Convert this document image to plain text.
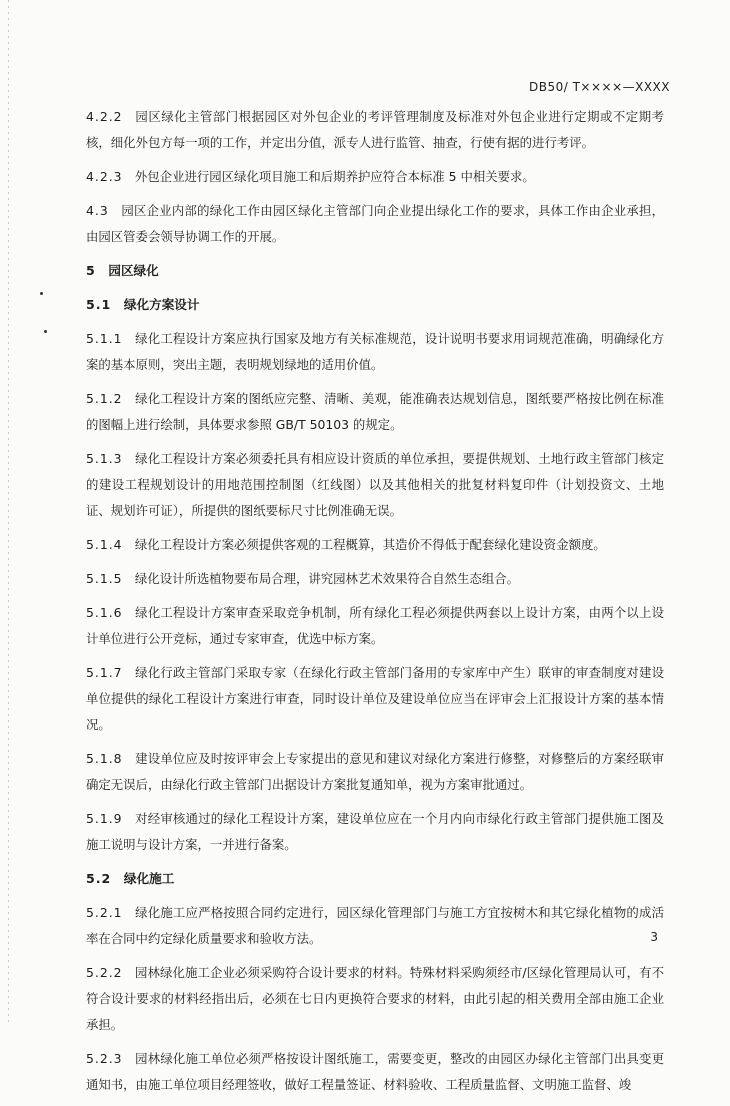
DB50/ T××××—XXXX
4.2.2  园区绿化主管部门根据园区对外包企业的考评管理制度及标准对外包企业进行定期或不定期考核，细化外包方每一项的工作，并定出分值，派专人进行监管、抽查，行使有据的进行考评。
4.2.3  外包企业进行园区绿化项目施工和后期养护应符合本标准 5 中相关要求。
4.3  园区企业内部的绿化工作由园区绿化主管部门向企业提出绿化工作的要求，具体工作由企业承担，由园区管委会领导协调工作的开展。
5  园区绿化
5.1  绿化方案设计
5.1.1  绿化工程设计方案应执行国家及地方有关标准规范，设计说明书要求用词规范准确，明确绿化方案的基本原则，突出主题，表明规划绿地的适用价值。
5.1.2  绿化工程设计方案的图纸应完整、清晰、美观，能准确表达规划信息，图纸要严格按比例在标准的图幅上进行绘制，具体要求参照 GB/T 50103 的规定。
5.1.3  绿化工程设计方案必须委托具有相应设计资质的单位承担，要提供规划、土地行政主管部门核定的建设工程规划设计的用地范围控制图（红线图）以及其他相关的批复材料复印件（计划投资文、土地证、规划许可证），所提供的图纸要标尺寸比例准确无误。
5.1.4  绿化工程设计方案必须提供客观的工程概算，其造价不得低于配套绿化建设资金额度。
5.1.5  绿化设计所选植物要布局合理，讲究园林艺术效果符合自然生态组合。
5.1.6  绿化工程设计方案审查采取竞争机制，所有绿化工程必须提供两套以上设计方案，由两个以上设计单位进行公开竞标，通过专家审查，优选中标方案。
5.1.7  绿化行政主管部门采取专家（在绿化行政主管部门备用的专家库中产生）联审的审查制度对建设单位提供的绿化工程设计方案进行审查，同时设计单位及建设单位应当在评审会上汇报设计方案的基本情况。
5.1.8  建设单位应及时按评审会上专家提出的意见和建议对绿化方案进行修整，对修整后的方案经联审确定无误后，由绿化行政主管部门出据设计方案批复通知单，视为方案审批通过。
5.1.9  对经审核通过的绿化工程设计方案，建设单位应在一个月内向市绿化行政主管部门提供施工图及施工说明与设计方案，一并进行备案。
5.2  绿化施工
5.2.1  绿化施工应严格按照合同约定进行，园区绿化管理部门与施工方宜按树木和其它绿化植物的成活率在合同中约定绿化质量要求和验收方法。
5.2.2  园林绿化施工企业必须采购符合设计要求的材料。特殊材料采购须经市/区绿化管理局认可，有不符合设计要求的材料经指出后，必须在七日内更换符合要求的材料，由此引起的相关费用全部由施工企业承担。
5.2.3  园林绿化施工单位必须严格按设计图纸施工，需要变更，整改的由园区办绿化主管部门出具变更通知书，由施工单位项目经理签收，做好工程量签证、材料验收、工程质量监督、文明施工监督、竣
3
